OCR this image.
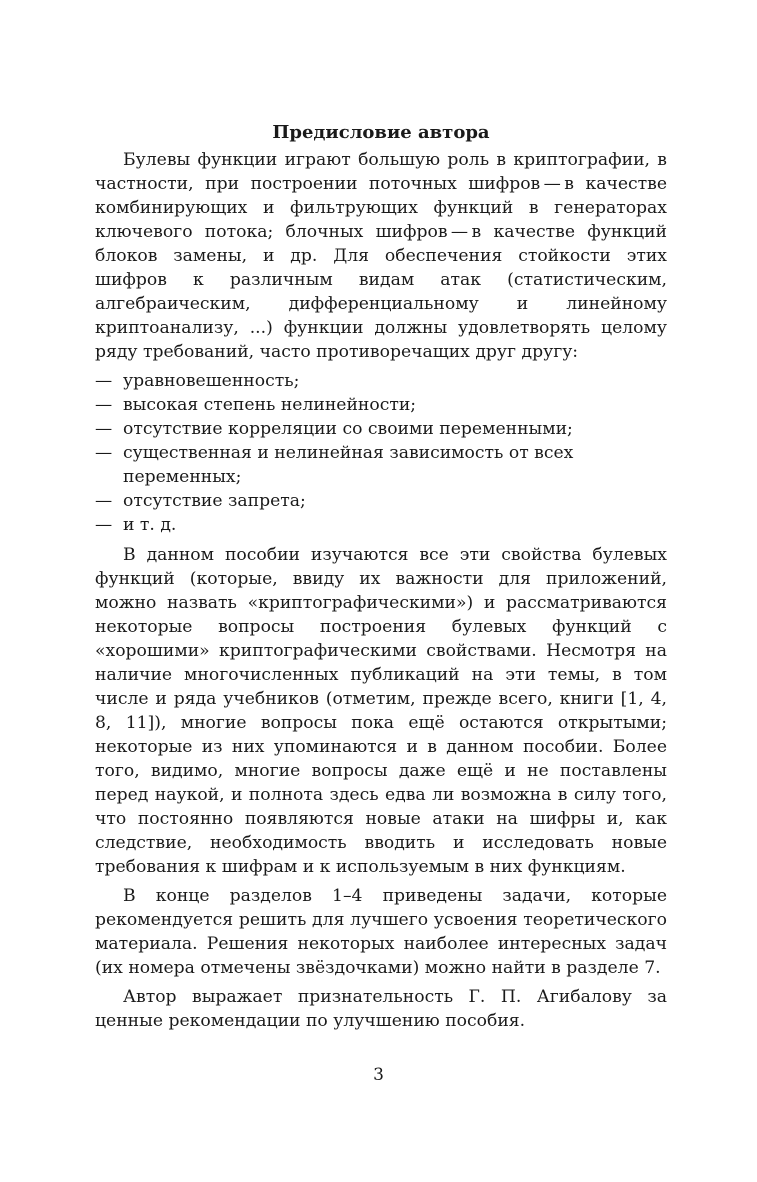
Предисловие автора

Булевы функции играют большую роль в криптографии, в частности, при построении поточных шифров — в качестве комбинирующих и фильтрующих функций в генераторах ключевого потока; блочных шифров — в качестве функций блоков замены, и др. Для обеспечения стойкости этих шифров к различным видам атак (статистическим, алгебраическим, дифференциальному и линейному криптоанализу, ...) функции должны удовлетворять целому ряду требований, часто противоречащих друг другу:

— уравновешенность;
— высокая степень нелинейности;
— отсутствие корреляции со своими переменными;
— существенная и нелинейная зависимость от всех переменных;
— отсутствие запрета;
— и т. д.

В данном пособии изучаются все эти свойства булевых функций (которые, ввиду их важности для приложений, можно назвать «криптографическими») и рассматриваются некоторые вопросы построения булевых функций с «хорошими» криптографическими свойствами. Несмотря на наличие многочисленных публикаций на эти темы, в том числе и ряда учебников (отметим, прежде всего, книги [1, 4, 8, 11]), многие вопросы пока ещё остаются открытыми; некоторые из них упоминаются и в данном пособии. Более того, видимо, многие вопросы даже ещё и не поставлены перед наукой, и полнота здесь едва ли возможна в силу того, что постоянно появляются новые атаки на шифры и, как следствие, необходимость вводить и исследовать новые требования к шифрам и к используемым в них функциям.

В конце разделов 1–4 приведены задачи, которые рекомендуется решить для лучшего усвоения теоретического материала. Решения некоторых наиболее интересных задач (их номера отмечены звёздочками) можно найти в разделе 7.

Автор выражает признательность Г. П. Агибалову за ценные рекомендации по улучшению пособия.

3
